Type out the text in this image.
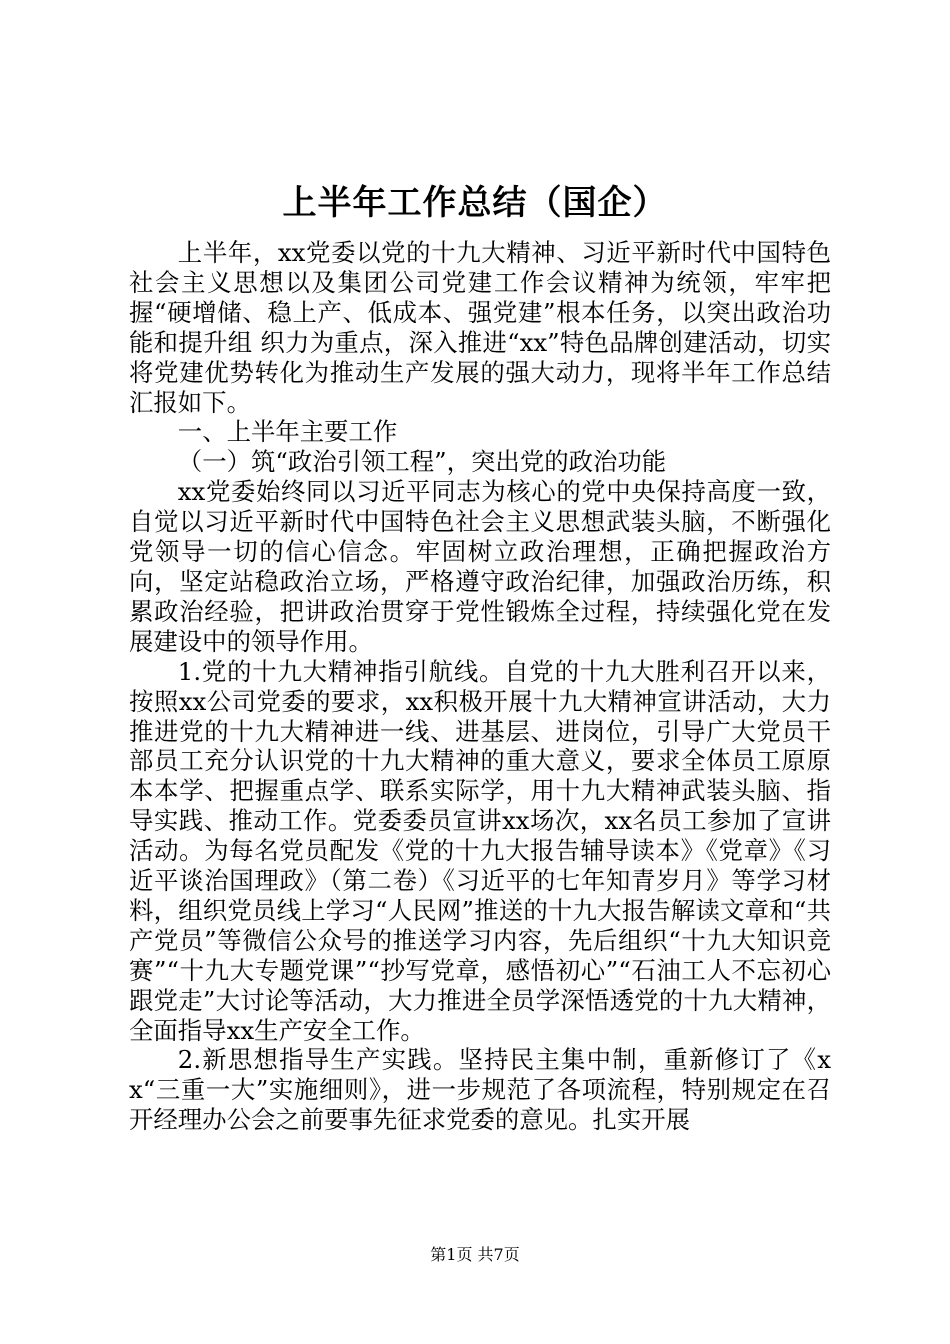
上半年工作总结（国企）

上半年，xx党委以党的十九大精神、习近平新时代中国特色社会主义思想以及集团公司党建工作会议精神为统领，牢牢把握“硬增储、稳上产、低成本、强党建”根本任务，以突出政治功能和提升组 织力为重点，深入推进“xx”特色品牌创建活动，切实将党建优势转化为推动生产发展的强大动力，现将半年工作总结汇报如下。

一、上半年主要工作

（一）筑“政治引领工程”，突出党的政治功能

xx党委始终同以习近平同志为核心的党中央保持高度一致，自觉以习近平新时代中国特色社会主义思想武装头脑，不断强化党领导一切的信心信念。牢固树立政治理想，正确把握政治方向，坚定站稳政治立场，严格遵守政治纪律，加强政治历练，积累政治经验，把讲政治贯穿于党性锻炼全过程，持续强化党在发展建设中的领导作用。

1.党的十九大精神指引航线。自党的十九大胜利召开以来，按照xx公司党委的要求，xx积极开展十九大精神宣讲活动，大力推进党的十九大精神进一线、进基层、进岗位，引导广大党员干部员工充分认识党的十九大精神的重大意义，要求全体员工原原本本学、把握重点学、联系实际学，用十九大精神武装头脑、指导实践、推动工作。党委委员宣讲xx场次，xx名员工参加了宣讲活动。为每名党员配发《党的十九大报告辅导读本》《党章》《习近平谈治国理政》（第二卷）《习近平的七年知青岁月》等学习材料，组织党员线上学习“人民网”推送的十九大报告解读文章和“共产党员”等微信公众号的推送学习内容，先后组织“十九大知识竞赛”“十九大专题党课”“抄写党章，感悟初心”“石油工人不忘初心跟党走”大讨论等活动，大力推进全员学深悟透党的十九大精神，全面指导xx生产安全工作。

2.新思想指导生产实践。坚持民主集中制，重新修订了《xx“三重一大”实施细则》，进一步规范了各项流程，特别规定在召开经理办公会之前要事先征求党委的意见。扎实开展

第1页 共7页
